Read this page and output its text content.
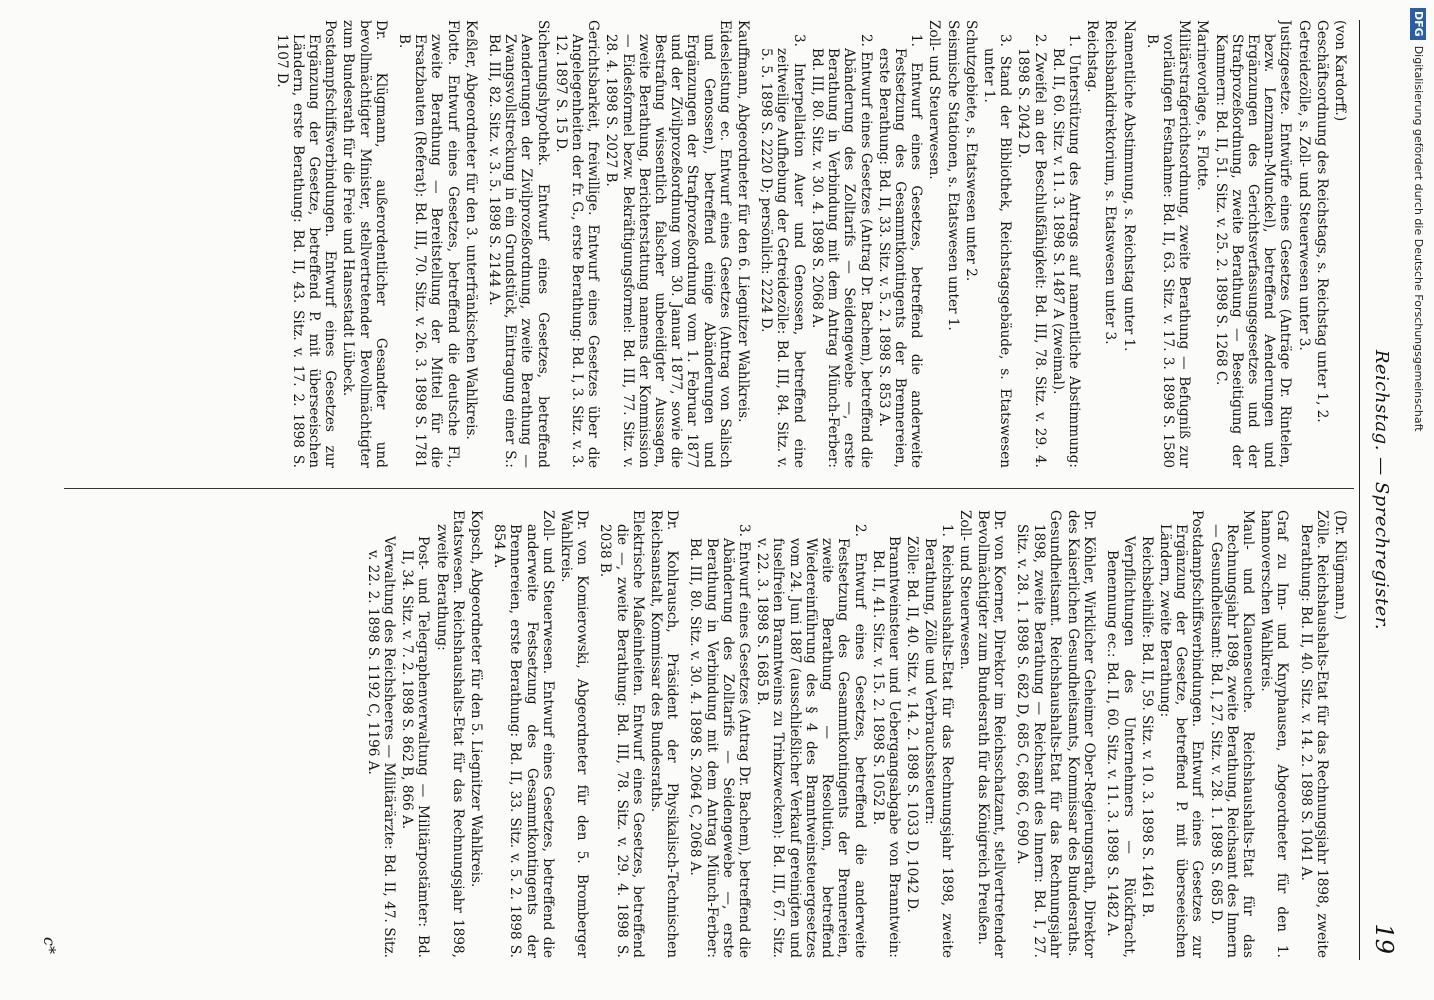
Reichstag. — Sprechregister.
19
(von Kardorff.)
Geschäftsordnung des Reichstags, s. Reichstag unter 1, 2.
Getreidezölle, s. Zoll- und Steuerwesen unter 3.
Justizgesetze. Entwürfe eines Gesetzes (Anträge Dr. Rintelen, bezw. Lenzmann-Munckel), betreffend Aenderungen und Ergänzungen des Gerichtsverfassungsgesetzes und der Strafprozeßordnung, zweite Berathung — Beseitigung der Kammern: Bd. II, 51. Sitz. v. 25. 2. 1898 S. 1268 C.
Marinevorlage, s. Flotte.
Militärstrafgerichtsordnung, zweite Berathung — Befugniß zur vorläufigen Festnahme: Bd. II, 63. Sitz. v. 17. 3. 1898 S. 1580 B.
Namentliche Abstimmung, s. Reichstag unter 1.
Reichsbankdirektorium, s. Etatswesen unter 3.
Reichstag.
1. Unterstützung des Antrags auf namentliche Abstimmung: Bd. II, 60. Sitz. v. 11. 3. 1898 S. 1487 A (zweimal).
2. Zweifel an der Beschlußfähigkeit: Bd. III, 78. Sitz. v. 29. 4. 1898 S. 2042 D.
3. Stand der Bibliothek, Reichstagsgebäude, s. Etatswesen unter 1.
Schutzgebiete, s. Etatswesen unter 2.
Seismische Stationen, s. Etatswesen unter 1.
Zoll- und Steuerwesen.
1. Entwurf eines Gesetzes, betreffend die anderweite Festsetzung des Gesammtkontingents der Brennereien, erste Berathung: Bd. II, 33. Sitz. v. 5. 2. 1898 S. 853 A.
2. Entwurf eines Gesetzes (Antrag Dr. Bachem), betreffend die Abänderung des Zolltarifs — Seidengewebe —, erste Berathung in Verbindung mit dem Antrag Münch-Ferber: Bd. III, 80. Sitz. v. 30. 4. 1898 S. 2068 A.
3. Interpellation Auer und Genossen, betreffend eine zeitweilige Aufhebung der Getreidezölle: Bd. III, 84. Sitz. v. 5. 5. 1898 S. 2220 D; persönlich: 2224 D.
Kauffmann, Abgeordneter für den 6. Liegnitzer Wahlkreis.
Eidesleistung ec. Entwurf eines Gesetzes (Antrag von Salisch und Genossen), betreffend einige Abänderungen und Ergänzungen der Strafprozeßordnung vom 1. Februar 1877 und der Zivilprozeßordnung vom 30. Januar 1877, sowie die Bestrafung wissentlich falscher unbeeidigter Aussagen, zweite Berathung, Berichterstattung namens der Kommission — Eidesformel bezw. Bekräftigungsformel: Bd. III, 77. Sitz. v. 28. 4. 1898 S. 2027 B.
Gerichtsbarkeit, freiwillige. Entwurf eines Gesetzes über die Angelegenheiten der fr. G., erste Berathung: Bd. I, 3. Sitz. v. 3. 12. 1897 S. 15 D.
Sicherungshypothek. Entwurf eines Gesetzes, betreffend Aenderungen der Zivilprozeßordnung, zweite Berathung — Zwangsvollstreckung in ein Grundstück, Eintragung einer S.: Bd. III, 82. Sitz. v. 3. 5. 1898 S. 2144 A.
Keßler, Abgeordneter für den 3. unterfränkischen Wahlkreis.
Flotte. Entwurf eines Gesetzes, betreffend die deutsche Fl., zweite Berathung — Bereitstellung der Mittel für die Ersatzbauten (Referat): Bd. III, 70. Sitz. v. 26. 3. 1898 S. 1781 B.
Dr. Klügmann, außerordentlicher Gesandter und bevollmächtigter Minister, stellvertretender Bevollmächtigter zum Bundesrath für die Freie und Hansestadt Lübeck.
Postdampfschiffsverbindungen. Entwurf eines Gesetzes zur Ergänzung der Gesetze, betreffend P. mit überseeischen Ländern, erste Berathung: Bd. II, 43. Sitz. v. 17. 2. 1898 S. 1107 D.
(Dr. Klügmann.)
Zölle. Reichshaushalts-Etat für das Rechnungsjahr 1898, zweite Berathung: Bd. II, 40. Sitz. v. 14. 2. 1898 S. 1041 A.
Graf zu Inn- und Knyphausen, Abgeordneter für den 1. hannoverschen Wahlkreis.
Maul- und Klauenseuche. Reichshaushalts-Etat für das Rechnungsjahr 1898, zweite Berathung, Reichsamt des Innern — Gesundheitsamt: Bd. I, 27. Sitz. v. 28. 1. 1898 S. 685 D.
Postdampfschiffsverbindungen. Entwurf eines Gesetzes zur Ergänzung der Gesetze, betreffend P. mit überseeischen Ländern, zweite Berathung:
Reichsbeihilfe: Bd. II, 59. Sitz. v. 10. 3. 1898 S. 1461 B.
Verpflichtungen des Unternehmers — Rückfracht, Benennung ec.: Bd. II, 60. Sitz. v. 11. 3. 1898 S. 1482 A.
Dr. Köhler, Wirklicher Geheimer Ober-Regierungsrath, Direktor des Kaiserlichen Gesundheitsamts, Kommissar des Bundesraths.
Gesundheitsamt. Reichshaushalts-Etat für das Rechnungsjahr 1898, zweite Berathung — Reichsamt des Innern: Bd. I, 27. Sitz. v. 28. 1. 1898 S. 682 D, 685 C, 686 C, 690 A.
Dr. von Koerner, Direktor im Reichsschatzamt, stellvertretender Bevollmächtigter zum Bundesrath für das Königreich Preußen.
Zoll- und Steuerwesen.
1. Reichshaushalts-Etat für das Rechnungsjahr 1898, zweite Berathung, Zölle und Verbrauchssteuern:
Zölle: Bd. II, 40. Sitz. v. 14. 2. 1898 S. 1033 D, 1042 D.
Branntweinsteuer und Uebergangsabgabe von Branntwein: Bd. II, 41. Sitz. v. 15. 2. 1898 S. 1052 B.
2. Entwurf eines Gesetzes, betreffend die anderweite Festsetzung des Gesammtkontingents der Brennereien, zweite Berathung — Resolution, betreffend Wiedereinführung des § 4 des Branntweinsteuergesetzes vom 24. Juni 1887 (ausschließlicher Verkauf gereinigten und fuselfreien Branntweins zu Trinkzwecken): Bd. III, 67. Sitz. v. 22. 3. 1898 S. 1685 B.
3. Entwurf eines Gesetzes (Antrag Dr. Bachem), betreffend die Abänderung des Zolltarifs — Seidengewebe —, erste Berathung in Verbindung mit dem Antrag Münch-Ferber: Bd. III, 80. Sitz. v. 30. 4. 1898 S. 2064 C, 2068 A.
Dr. Kohlrausch, Präsident der Physikalisch-Technischen Reichsanstalt, Kommissar des Bundesraths.
Elektrische Maßeinheiten. Entwurf eines Gesetzes, betreffend die —, zweite Berathung: Bd. III, 78. Sitz. v. 29. 4. 1898 S. 2038 B.
Dr. von Komierowski, Abgeordneter für den 5. Bromberger Wahlkreis.
Zoll- und Steuerwesen. Entwurf eines Gesetzes, betreffend die anderweite Festsetzung des Gesammtkontingents der Brennereien, erste Berathung: Bd. II, 33. Sitz. v. 5. 2. 1898 S. 854 A.
Kopsch, Abgeordneter für den 5. Liegnitzer Wahlkreis.
Etatswesen. Reichshaushalts-Etat für das Rechnungsjahr 1898, zweite Berathung:
Post- und Telegraphenverwaltung — Militärpostämter: Bd. II, 34. Sitz. v. 7. 2. 1898 S. 862 B, 866 A.
Verwaltung des Reichsheeres — Militärärzte: Bd. II, 47. Sitz. v. 22. 2. 1898 S. 1192 C, 1196 A.
c*
DFGDigitalisierung gefördert durch die Deutsche Forschungsgemeinschaft
